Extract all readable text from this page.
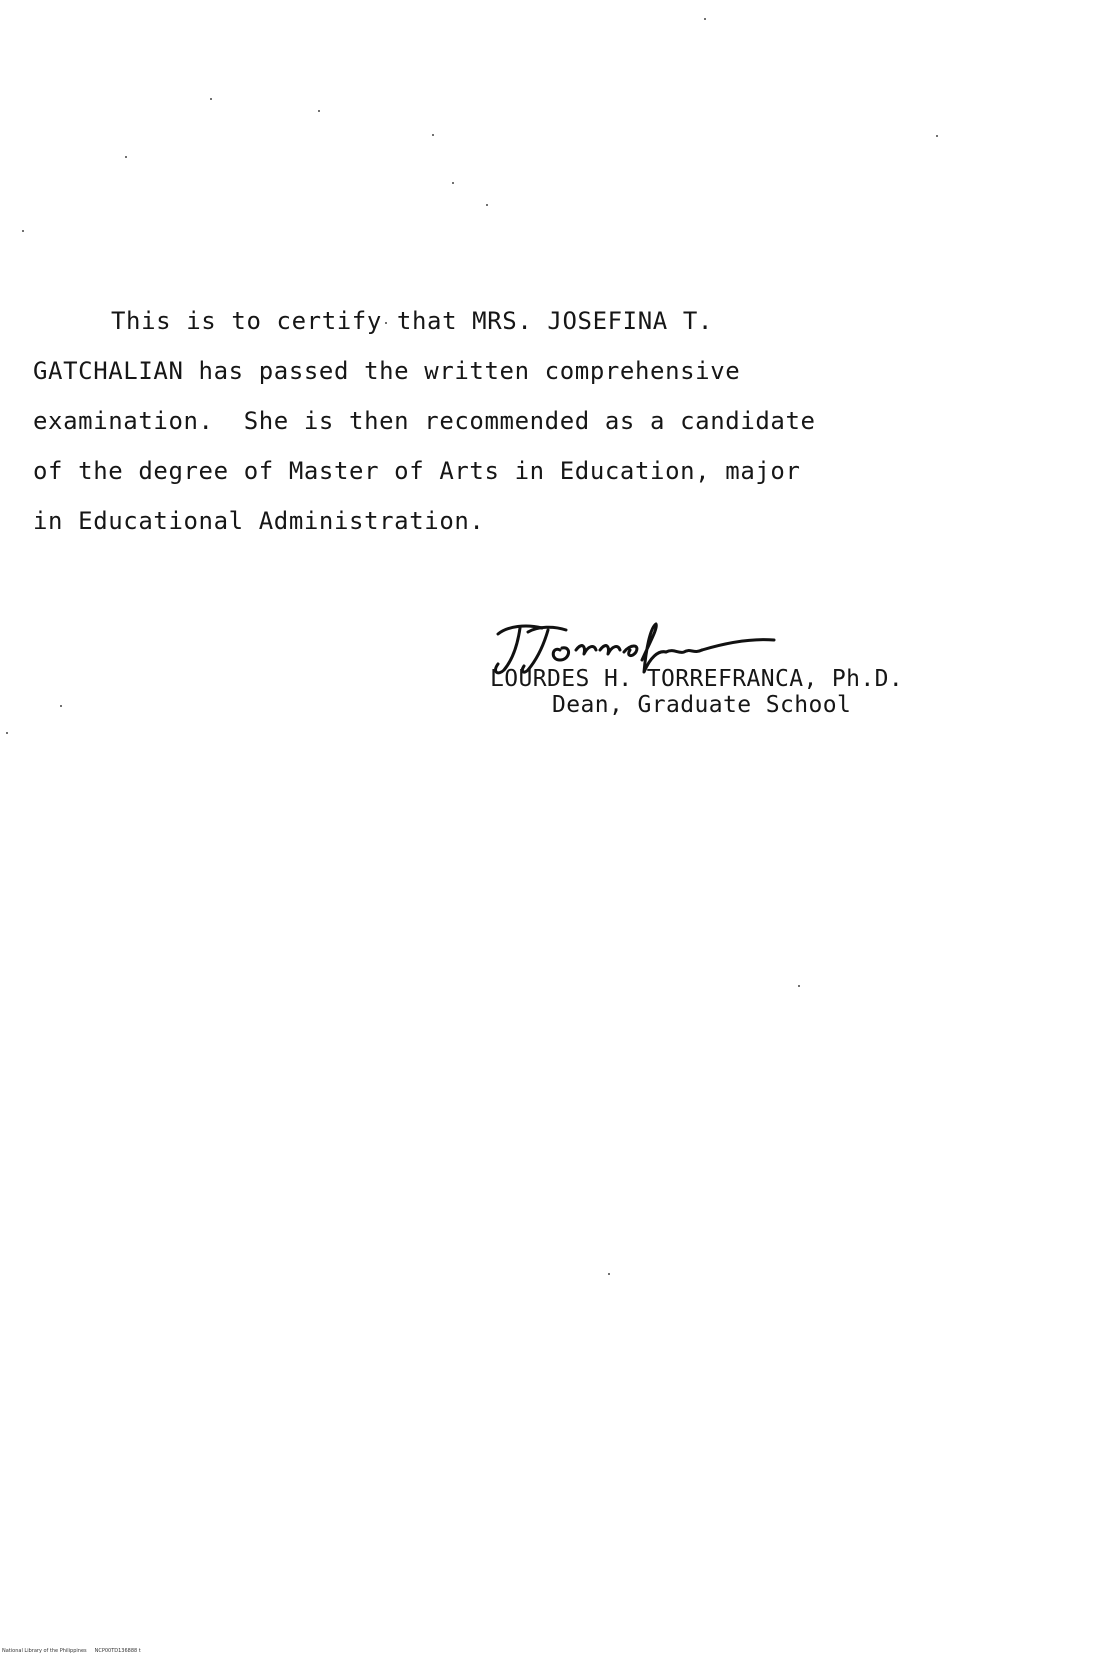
This is to certify that MRS. JOSEFINA T.
GATCHALIAN has passed the written comprehensive
examination.  She is then recommended as a candidate
of the degree of Master of Arts in Education, major
in Educational Administration.
LOURDES H. TORREFRANCA, Ph.D.
Dean, Graduate School
National Library of the Philippines     NCP00TD136888 t
